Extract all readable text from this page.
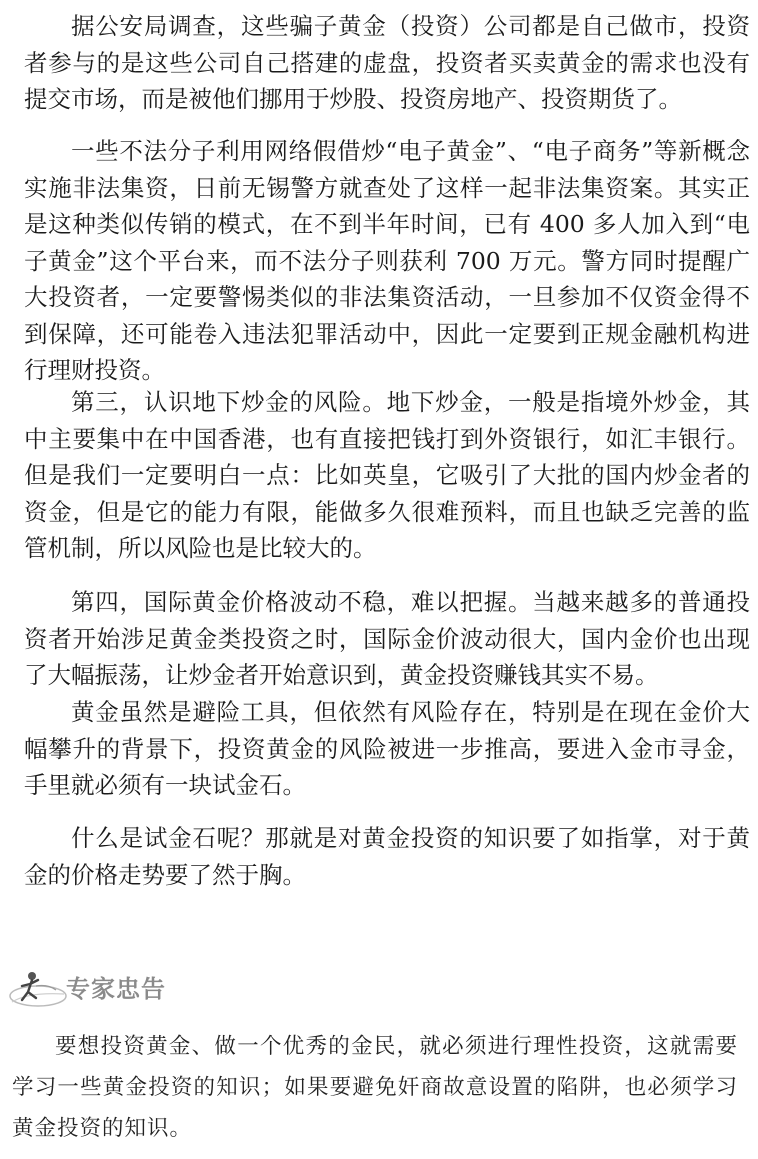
据公安局调查，这些骗子黄金（投资）公司都是自己做市，投资者参与的是这些公司自己搭建的虚盘，投资者买卖黄金的需求也没有提交市场，而是被他们挪用于炒股、投资房地产、投资期货了。

一些不法分子利用网络假借炒“电子黄金”、“电子商务”等新概念实施非法集资，日前无锡警方就查处了这样一起非法集资案。其实正是这种类似传销的模式，在不到半年时间，已有 400 多人加入到“电子黄金”这个平台来，而不法分子则获利 700 万元。警方同时提醒广大投资者，一定要警惕类似的非法集资活动，一旦参加不仅资金得不到保障，还可能卷入违法犯罪活动中，因此一定要到正规金融机构进行理财投资。

第三，认识地下炒金的风险。地下炒金，一般是指境外炒金，其中主要集中在中国香港，也有直接把钱打到外资银行，如汇丰银行。但是我们一定要明白一点：比如英皇，它吸引了大批的国内炒金者的资金，但是它的能力有限，能做多久很难预料，而且也缺乏完善的监管机制，所以风险也是比较大的。

第四，国际黄金价格波动不稳，难以把握。当越来越多的普通投资者开始涉足黄金类投资之时，国际金价波动很大，国内金价也出现了大幅振荡，让炒金者开始意识到，黄金投资赚钱其实不易。

黄金虽然是避险工具，但依然有风险存在，特别是在现在金价大幅攀升的背景下，投资黄金的风险被进一步推高，要进入金市寻金，手里就必须有一块试金石。

什么是试金石呢？那就是对黄金投资的知识要了如指掌，对于黄金的价格走势要了然于胸。

专家忠告

要想投资黄金、做一个优秀的金民，就必须进行理性投资，这就需要学习一些黄金投资的知识；如果要避免奸商故意设置的陷阱，也必须学习黄金投资的知识。
